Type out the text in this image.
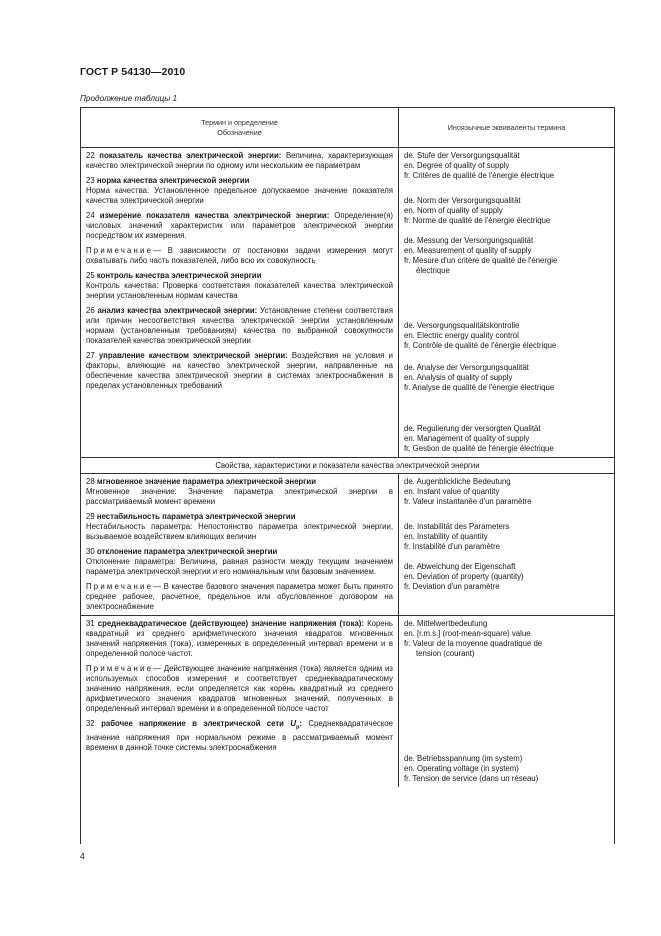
ГОСТ Р 54130—2010
Продолжение таблицы 1
Термин и определение
Обозначение
Иноязычные эквиваленты термина
22 показатель качества электрической энергии: Величина, характеризующая качество электрической энергии по одному или нескольким ее параметрам
23 норма качества электрической энергии
Норма качества: Установленное предельное допускаемое значение показателя качества электрической энергии
24 измерение показателя качества электрической энергии: Определение(я) числовых значений характеристик или параметров электрической энергии посредством их измерения.
Примечание— В зависимости от постановки задачи измерения могут охватывать либо часть показателей, либо всю их совокупность
25 контроль качества электрической энергии
Контроль качества: Проверка соответствия показателей качества электрической энергии установленным нормам качества
26 анализ качества электрической энергии: Установление степени соответствия или причин несоответствия качества электрической энергии установленным нормам (установленным требованиям) качества по выбранной совокупности показателей качества электрической энергии
27 управление качеством электрической энергии: Воздействия на условия и факторы, влияющие на качество электрической энергии, направленные на обеспечение качества электрической энергии в системах электроснабжения в пределах установленных требований
de. Stufe der Versorgungsqualität
en. Degree of quality of supply
fr. Critères de qualité de l'énergie électrique
de. Norm der Versorgungsqualität
en. Norm of quality of supply
fr. Norme de qualité de l'énergie électrique
de. Messung der Versorgungsqualität
en. Measurement of quality of supply
fr. Mesure d'un critère de qualité de l'énergie
électrique
de. Versorgungsqualitätskontrolle
en. Electric energy quality control
fr. Contrôle de qualité de l'énergie électrique
de. Analyse der Versorgungsqualität
en. Analysis of quality of supply
fr. Analyse de qualité de l'énergie électrique
de. Regulierung der versorgten Qualität
en. Management of quality of supply
fr. Gestion de qualité de l'énergie électrique
Свойства, характеристики и показатели качества электрической энергии
28 мгновенное значение параметра электрической энергии
Мгновенное значение: Значение параметра электрической энергии в рассматриваемый момент времени
29 нестабильность параметра электрической энергии
Нестабильность параметра: Непостоянство параметра электрической энергии, вызываемое воздействием влияющих величин
30 отклонение параметра электрической энергии
Отклонение параметра: Величина, равная разности между текущим значением параметра электрической энергии и его номинальным или базовым значением.
Примечание— В качестве базового значения параметра может быть принято среднее рабочее, расчетное, предельное или обусловленное договором на электроснабжение
de. Augenblickliche Bedeutung
en. Instant value of quantity
fr. Valeur instantanée d'un paramètre
de. Instabilität des Parameters
en. Instability of quantity
fr. Instabilité d'un paramètre
de. Abweichung der Eigenschaft
en. Deviation of property (quantity)
fr. Deviation d'un paramètre
31 среднеквадратическое (действующее) значение напряжения (тока): Корень квадратный из среднего арифметического значения квадратов мгновенных значений напряжения (тока), измеренных в определенный интервал времени и в определенной полосе частот.
Примечание— Действующее значение напряжения (тока) является одним из используемых способов измерения и соответствует среднеквадратическому значению напряжения, если определяется как корень квадратный из среднего арифметического значения квадратов мгновенных значений, полученных в определенный интервал времени и в определенной полосе частот
32 рабочее напряжение в электрической сети $U_р$: Среднеквадратическое значение напряжения при нормальном режиме в рассматриваемый момент времени в данной точке системы электроснабжения
de. Mittelwertbedeutung
en. [r.m.s.] (root-mean-square) value
fr. Valeur de la moyenne quadratique de
tension (courant)
de. Betriebsspannung (im system)
en. Operating voltage (in system)
fr. Tension de service (dans un réseau)
4
